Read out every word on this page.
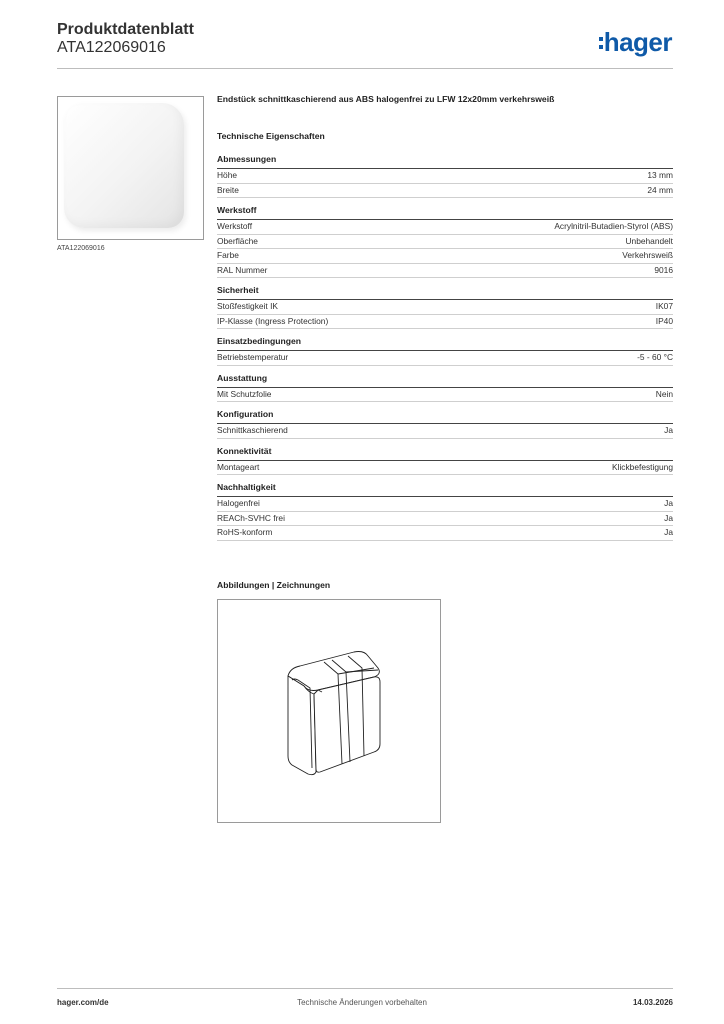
Produktdatenblatt
ATA122069016	hager
ATA122069016
Endstück schnittkaschierend aus ABS halogenfrei zu LFW 12x20mm verkehrsweiß
Technische Eigenschaften
Abmessungen
Höhe	13 mm
Breite	24 mm
Werkstoff
Werkstoff	Acrylnitril-Butadien-Styrol (ABS)
Oberfläche	Unbehandelt
Farbe	Verkehrsweiß
RAL Nummer	9016
Sicherheit
Stoßfestigkeit IK	IK07
IP-Klasse (Ingress Protection)	IP40
Einsatzbedingungen
Betriebstemperatur	-5 - 60 °C
Ausstattung
Mit Schutzfolie	Nein
Konfiguration
Schnittkaschierend	Ja
Konnektivität
Montageart	Klickbefestigung
Nachhaltigkeit
Halogenfrei	Ja
REACh-SVHC frei	Ja
RoHS-konform	Ja
Abbildungen | Zeichnungen
hager.com/de	Technische Änderungen vorbehalten	14.03.2026
